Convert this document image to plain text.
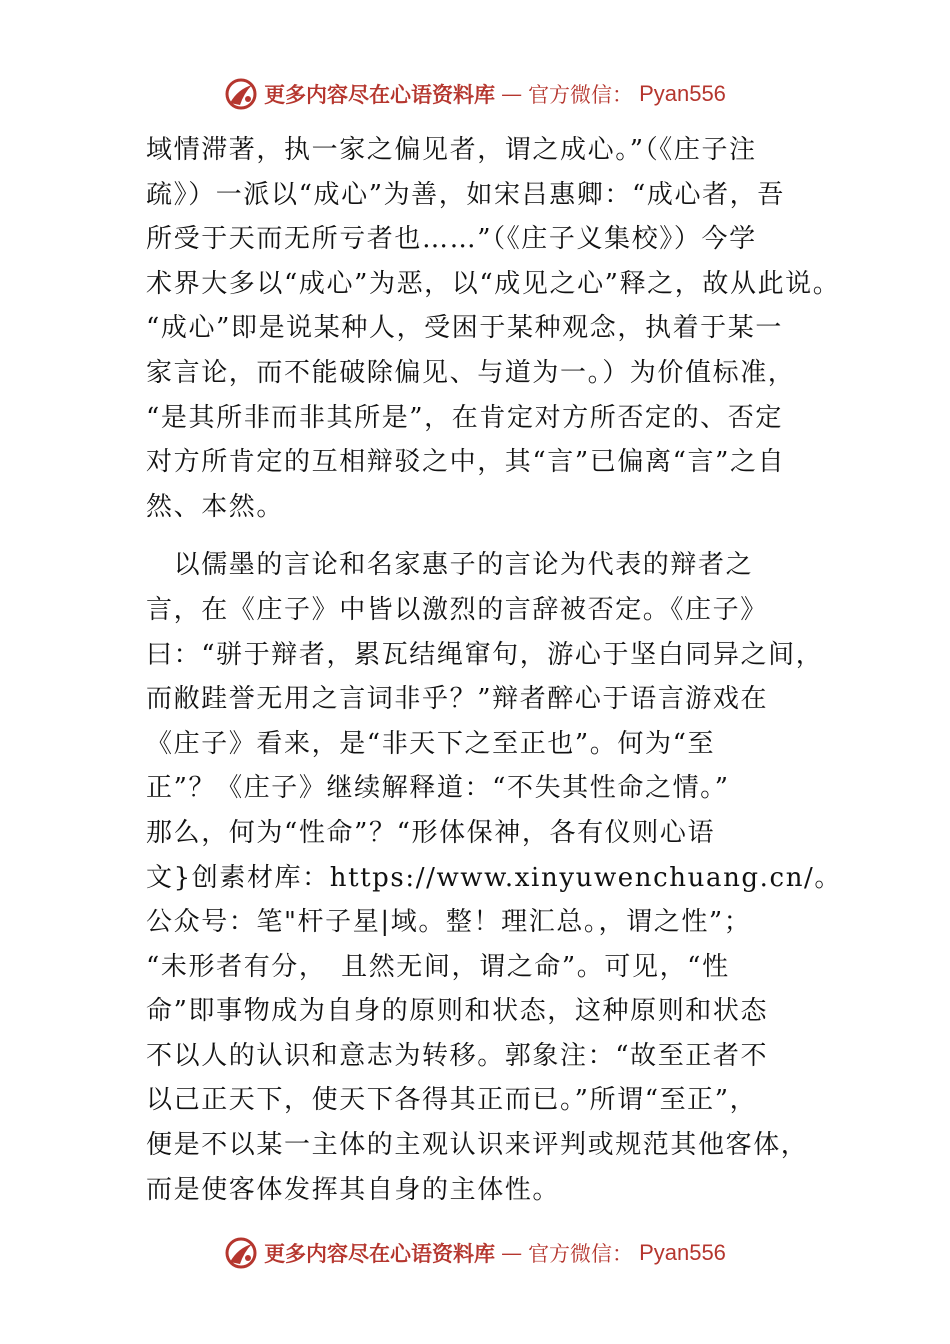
更多内容尽在心语资料库 — 官方微信： Pyan556
域情滞著，执一家之偏见者，谓之成心。”（《庄子注
疏》）一派以“成心”为善，如宋吕惠卿：“成心者，吾
所受于天而无所亏者也……”（《庄子义集校》）今学
术界大多以“成心”为恶，以“成见之心”释之，故从此说。
“成心”即是说某种人，受困于某种观念，执着于某一
家言论，而不能破除偏见、与道为一。）为价值标准，
“是其所非而非其所是”，在肯定对方所否定的、否定
对方所肯定的互相辩驳之中，其“言”已偏离“言”之自
然、本然。
　以儒墨的言论和名家惠子的言论为代表的辩者之
言，在《庄子》中皆以激烈的言辞被否定。《庄子》
曰：“骈于辩者，累瓦结绳窜句，游心于坚白同异之间，
而敝跬誉无用之言词非乎？”辩者醉心于语言游戏在
《庄子》看来，是“非天下之至正也”。何为“至
正”？《庄子》继续解释道：“不失其性命之情。”
那么，何为“性命”？“形体保神，各有仪则心语
文}创素材库：https://www.xinyuwenchuang.cn/。
公众号：笔"杆子星|域。整！理汇总。，谓之性”；
“未形者有分，　且然无间，谓之命”。可见，“性
命”即事物成为自身的原则和状态，这种原则和状态
不以人的认识和意志为转移。郭象注：“故至正者不
以己正天下，使天下各得其正而已。”所谓“至正”，
便是不以某一主体的主观认识来评判或规范其他客体，
而是使客体发挥其自身的主体性。
更多内容尽在心语资料库 — 官方微信： Pyan556
